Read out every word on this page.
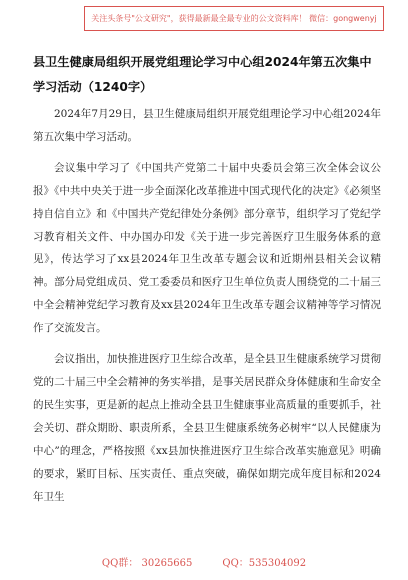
关注头条号"公文研究"，获得最新最全最专业的公文资料库！ 微信：gongwenyj
县卫生健康局组织开展党组理论学习中心组2024年第五次集中学习活动（1240字）

2024年7月29日，县卫生健康局组织开展党组理论学习中心组2024年第五次集中学习活动。

会议集中学习了《中国共产党第二十届中央委员会第三次全体会议公报》《中共中央关于进一步全面深化改革推进中国式现代化的决定》《必须坚持自信自立》和《中国共产党纪律处分条例》部分章节，组织学习了党纪学习教育相关文件、中办国办印发《关于进一步完善医疗卫生服务体系的意见》，传达学习了xx县2024年卫生改革专题会议和近期州县相关会议精神。部分局党组成员、党工委委员和医疗卫生单位负责人围绕党的二十届三中全会精神党纪学习教育及xx县2024年卫生改革专题会议精神等学习情况作了交流发言。

会议指出，加快推进医疗卫生综合改革，是全县卫生健康系统学习贯彻党的二十届三中全会精神的务实举措，是事关居民群众身体健康和生命安全的民生实事，更是新的起点上推动全县卫生健康事业高质量的重要抓手，社会关切、群众期盼、职责所系，全县卫生健康系统务必树牢“以人民健康为中心”的理念，严格按照《xx县加快推进医疗卫生综合改革实施意见》明确的要求，紧盯目标、压实责任、重点突破，确保如期完成年度目标和2024年卫生

QQ群： 30265665	QQ：535304092
